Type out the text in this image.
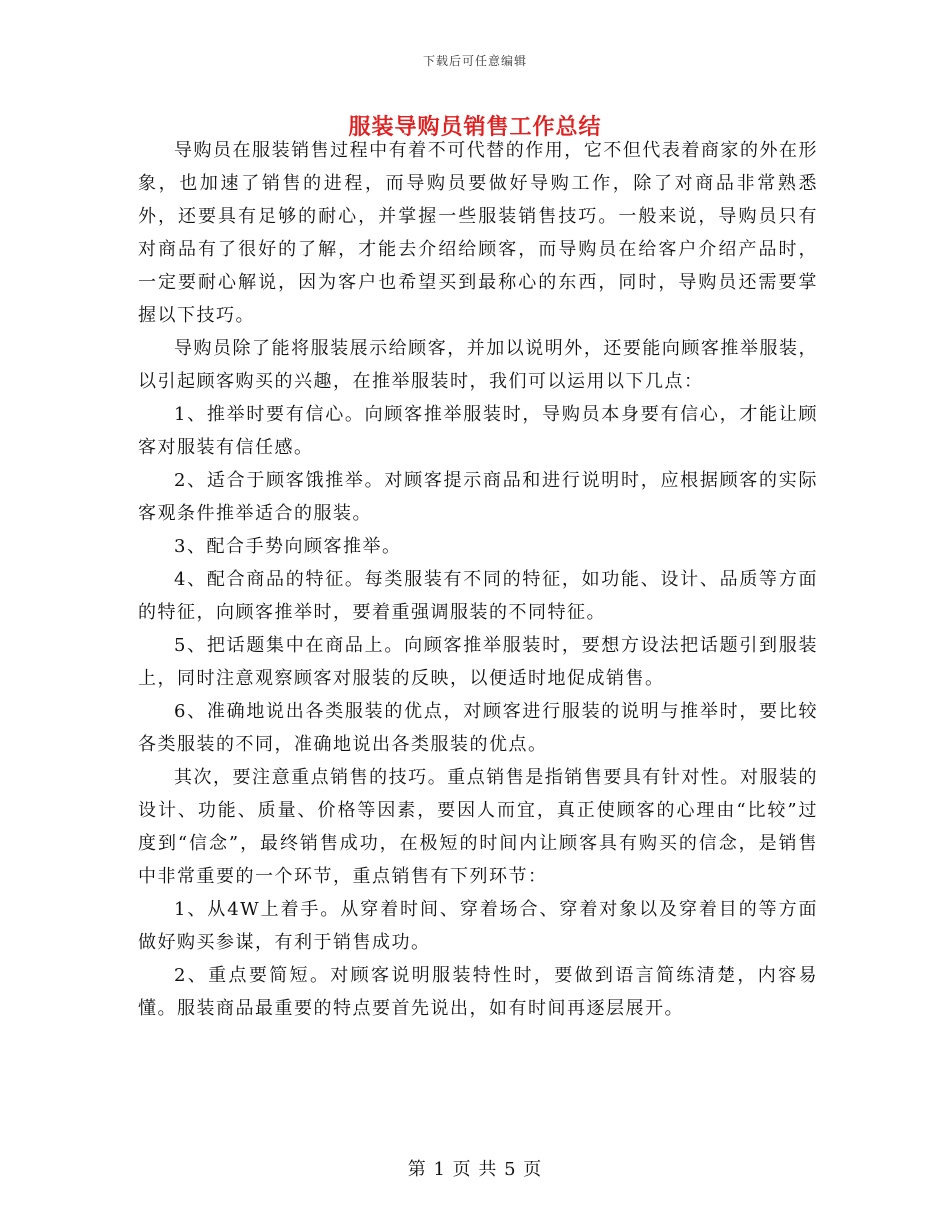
下载后可任意编辑
服装导购员销售工作总结

导购员在服装销售过程中有着不可代替的作用，它不但代表着商家的外在形象，也加速了销售的进程，而导购员要做好导购工作，除了对商品非常熟悉外，还要具有足够的耐心，并掌握一些服装销售技巧。一般来说，导购员只有对商品有了很好的了解，才能去介绍给顾客，而导购员在给客户介绍产品时，一定要耐心解说，因为客户也希望买到最称心的东西，同时，导购员还需要掌握以下技巧。

导购员除了能将服装展示给顾客，并加以说明外，还要能向顾客推举服装，以引起顾客购买的兴趣，在推举服装时，我们可以运用以下几点：

1、推举时要有信心。向顾客推举服装时，导购员本身要有信心，才能让顾客对服装有信任感。

2、适合于顾客饿推举。对顾客提示商品和进行说明时，应根据顾客的实际客观条件推举适合的服装。

3、配合手势向顾客推举。

4、配合商品的特征。每类服装有不同的特征，如功能、设计、品质等方面的特征，向顾客推举时，要着重强调服装的不同特征。

5、把话题集中在商品上。向顾客推举服装时，要想方设法把话题引到服装上，同时注意观察顾客对服装的反映，以便适时地促成销售。

6、准确地说出各类服装的优点，对顾客进行服装的说明与推举时，要比较各类服装的不同，准确地说出各类服装的优点。

其次，要注意重点销售的技巧。重点销售是指销售要具有针对性。对服装的设计、功能、质量、价格等因素，要因人而宜，真正使顾客的心理由“比较”过度到“信念”，最终销售成功，在极短的时间内让顾客具有购买的信念，是销售中非常重要的一个环节，重点销售有下列环节：

1、从4W上着手。从穿着时间、穿着场合、穿着对象以及穿着目的等方面做好购买参谋，有利于销售成功。

2、重点要简短。对顾客说明服装特性时，要做到语言简练清楚，内容易懂。服装商品最重要的特点要首先说出，如有时间再逐层展开。

第 1 页 共 5 页
